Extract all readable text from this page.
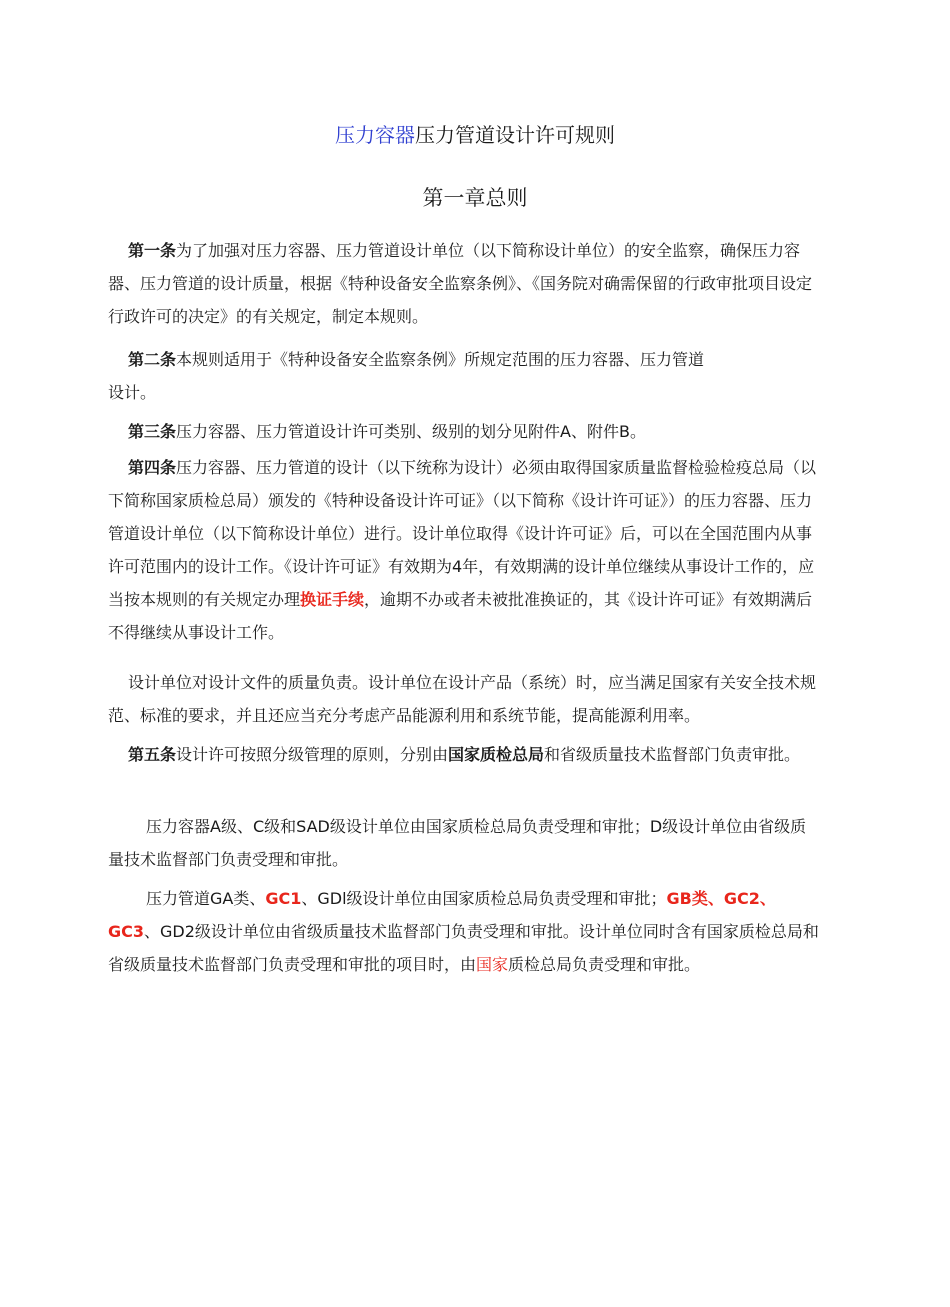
压力容器压力管道设计许可规则
第一章总则

第一条为了加强对压力容器、压力管道设计单位（以下简称设计单位）的安全监察，确保压力容器、压力管道的设计质量，根据《特种设备安全监察条例》、《国务院对确需保留的行政审批项目设定行政许可的决定》的有关规定，制定本规则。

第二条本规则适用于《特种设备安全监察条例》所规定范围的压力容器、压力管道
设计。

第三条压力容器、压力管道设计许可类别、级别的划分见附件A、附件B。

第四条压力容器、压力管道的设计（以下统称为设计）必须由取得国家质量监督检验检疫总局（以下简称国家质检总局）颁发的《特种设备设计许可证》（以下简称《设计许可证》）的压力容器、压力管道设计单位（以下简称设计单位）进行。设计单位取得《设计许可证》后，可以在全国范围内从事许可范围内的设计工作。《设计许可证》有效期为4年，有效期满的设计单位继续从事设计工作的，应当按本规则的有关规定办理换证手续，逾期不办或者未被批准换证的，其《设计许可证》有效期满后不得继续从事设计工作。

设计单位对设计文件的质量负责。设计单位在设计产品（系统）时，应当满足国家有关安全技术规范、标准的要求，并且还应当充分考虑产品能源利用和系统节能，提高能源利用率。

第五条设计许可按照分级管理的原则，分别由国家质检总局和省级质量技术监督部门负责审批。

压力容器A级、C级和SAD级设计单位由国家质检总局负责受理和审批；D级设计单位由省级质量技术监督部门负责受理和审批。

压力管道GA类、GC1、GDl级设计单位由国家质检总局负责受理和审批；GB类、GC2、GC3、GD2级设计单位由省级质量技术监督部门负责受理和审批。设计单位同时含有国家质检总局和省级质量技术监督部门负责受理和审批的项目时，由国家质检总局负责受理和审批。
